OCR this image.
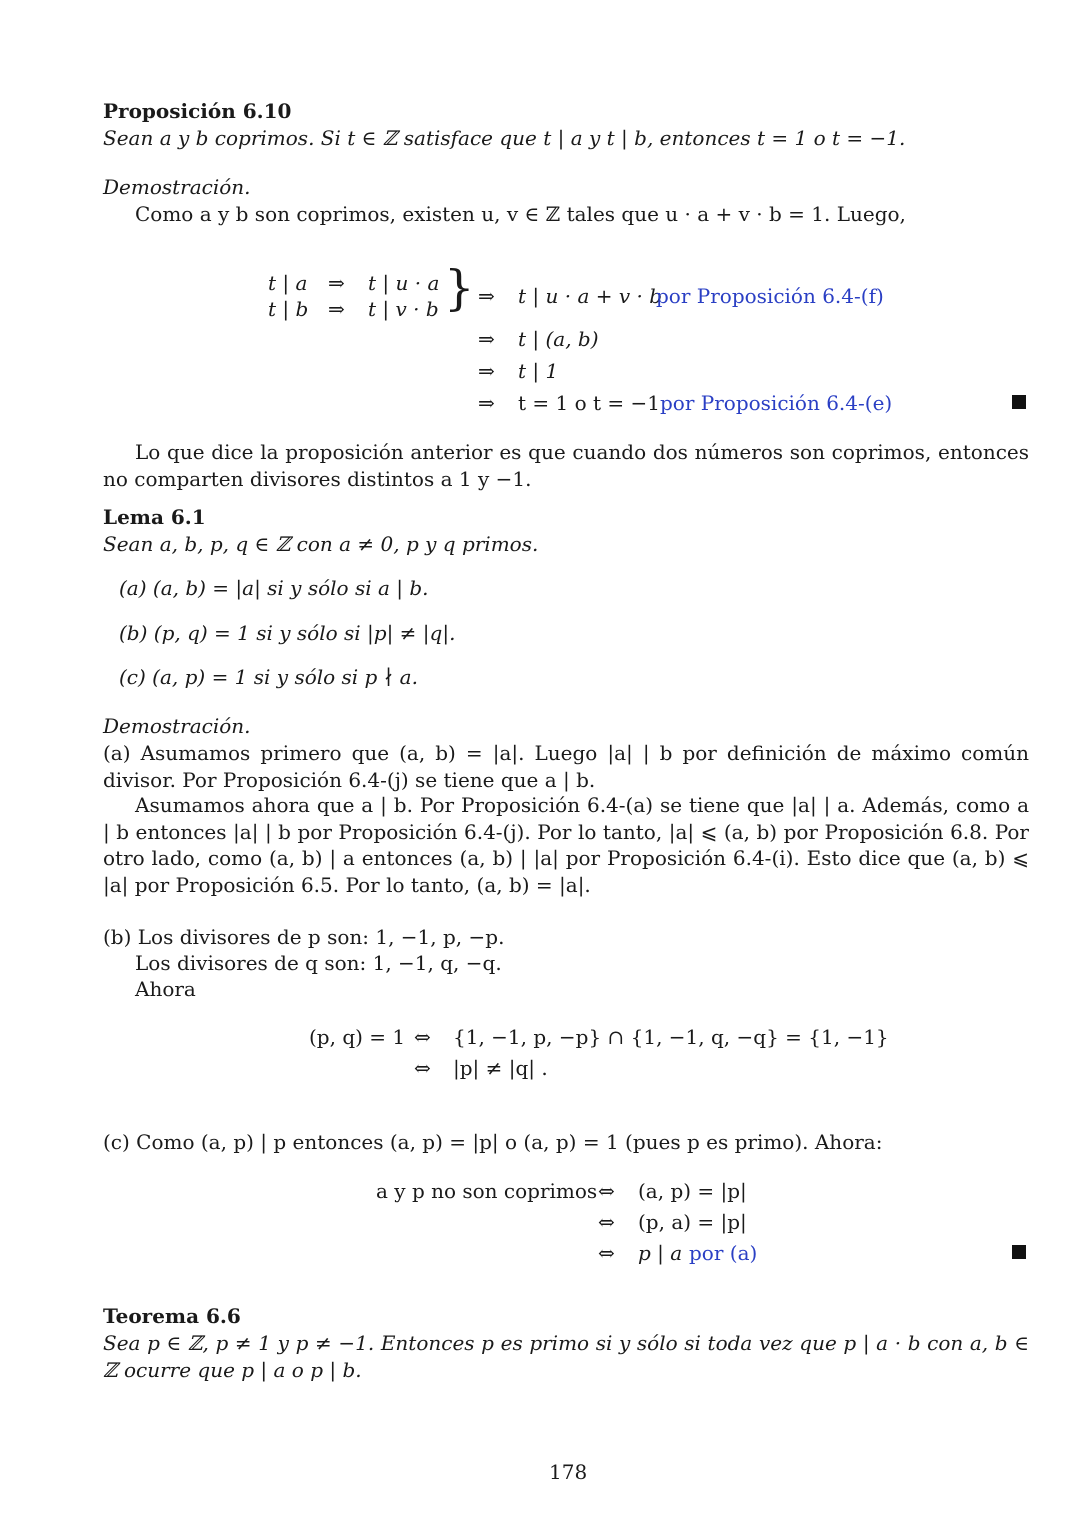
Proposición 6.10
Sean a y b coprimos. Si t ∈ ℤ satisface que t | a y t | b, entonces t = 1 o t = −1.
Demostración.
Como a y b son coprimos, existen u, v ∈ ℤ tales que u · a + v · b = 1. Luego,
t | a ⇒ t | u · a
t | b ⇒ t | v · b } ⇒ t | u · a + v · b
por Proposición 6.4-(f)
⇒ t | (a, b)
⇒ t | 1
⇒ t = 1 o t = −1 por Proposición 6.4-(e)
Lo que dice la proposición anterior es que cuando dos números son coprimos, entonces no comparten divisores distintos a 1 y −1.
Lema 6.1
Sean a, b, p, q ∈ ℤ con a ≠ 0, p y q primos.
(a) (a, b) = |a| si y sólo si a | b.
(b) (p, q) = 1 si y sólo si |p| ≠ |q|.
(c) (a, p) = 1 si y sólo si p ∤ a.
Demostración.
(a) Asumamos primero que (a, b) = |a|. Luego |a| | b por definición de máximo común divisor. Por Proposición 6.4-(j) se tiene que a | b.
Asumamos ahora que a | b. Por Proposición 6.4-(a) se tiene que |a| | a. Además, como a | b entonces |a| | b por Proposición 6.4-(j). Por lo tanto, |a| ⩽ (a, b) por Proposición 6.8. Por otro lado, como (a, b) | a entonces (a, b) | |a| por Proposición 6.4-(i). Esto dice que (a, b) ⩽ |a| por Proposición 6.5. Por lo tanto, (a, b) = |a|.
(b) Los divisores de p son: 1, −1, p, −p.
Los divisores de q son: 1, −1, q, −q.
Ahora
(p, q) = 1 ⇔ {1, −1, p, −p} ∩ {1, −1, q, −q} = {1, −1}
⇔ |p| ≠ |q| .
(c) Como (a, p) | p entonces (a, p) = |p| o (a, p) = 1 (pues p es primo). Ahora:
a y p no son coprimos ⇔ (a, p) = |p|
⇔ (p, a) = |p|
⇔ p | a por (a)
Teorema 6.6
Sea p ∈ ℤ, p ≠ 1 y p ≠ −1. Entonces p es primo si y sólo si toda vez que p | a · b con a, b ∈ ℤ ocurre que p | a o p | b.
178
